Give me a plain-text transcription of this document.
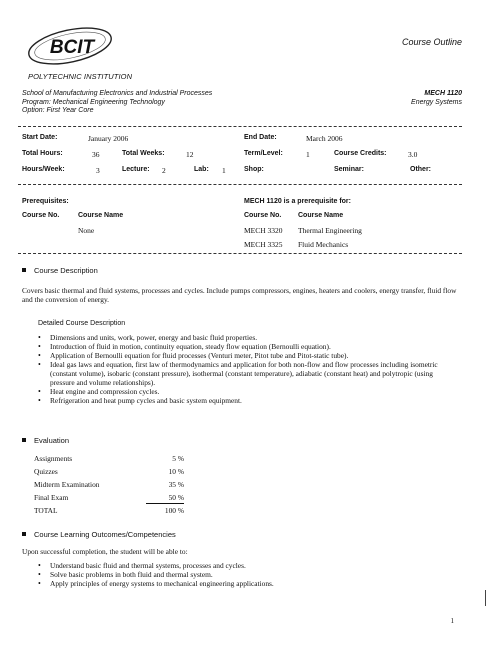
BCIT	Course Outline
POLYTECHNIC INSTITUTION
School of Manufacturing Electronics and Industrial Processes
Program: Mechanical Engineering Technology
Option: First Year Core
MECH 1120
Energy Systems
Start Date:	January 2006	End Date:	March 2006
Total Hours:	36	Total Weeks:	12	Term/Level:	1	Course Credits:	3.0
Hours/Week:	3	Lecture: 2	Lab: 1	Shop:	Seminar:	Other:
Prerequisites:
Course No.	Course Name
None
MECH 1120 is a prerequisite for:
Course No. Course Name
MECH 3320 Thermal Engineering
MECH 3325 Fluid Mechanics
Course Description
Covers basic thermal and fluid systems, processes and cycles. Include pumps compressors, engines, heaters and coolers, energy transfer, fluid flow and the conversion of energy.
Detailed Course Description
• Dimensions and units, work, power, energy and basic fluid properties.
• Introduction of fluid in motion, continuity equation, steady flow equation (Bernoulli equation).
• Application of Bernoulli equation for fluid processes (Venturi meter, Pitot tube and Pitot-static tube).
• Ideal gas laws and equation, first law of thermodynamics and application for both non-flow and flow processes including isometric (constant volume), isobaric (constant pressure), isothermal (constant temperature), adiabatic (constant heat) and polytropic (using pressure and volume relationships).
• Heat engine and compression cycles.
• Refrigeration and heat pump cycles and basic system equipment.
Evaluation
Assignments	5 %
Quizzes	10 %
Midterm Examination	35 %
Final Exam	50 %
TOTAL	100 %
Course Learning Outcomes/Competencies
Upon successful completion, the student will be able to:
• Understand basic fluid and thermal systems, processes and cycles.
• Solve basic problems in both fluid and thermal system.
• Apply principles of energy systems to mechanical engineering applications.
1
